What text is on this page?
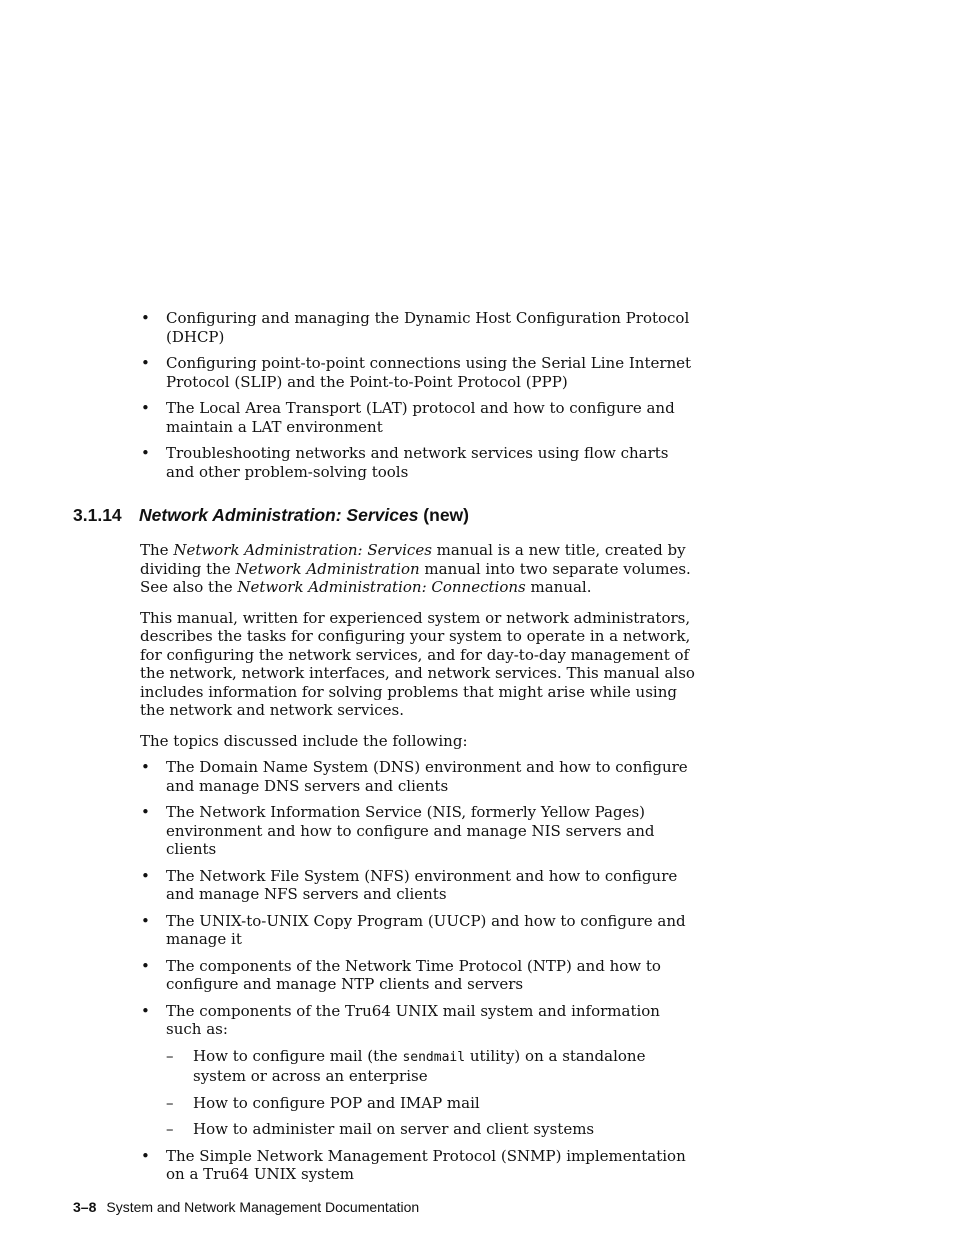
• Configuring and managing the Dynamic Host Configuration Protocol (DHCP)
• Configuring point-to-point connections using the Serial Line Internet Protocol (SLIP) and the Point-to-Point Protocol (PPP)
• The Local Area Transport (LAT) protocol and how to configure and maintain a LAT environment
• Troubleshooting networks and network services using flow charts and other problem-solving tools
3.1.14 Network Administration: Services (new)

The Network Administration: Services manual is a new title, created by dividing the Network Administration manual into two separate volumes. See also the Network Administration: Connections manual.

This manual, written for experienced system or network administrators, describes the tasks for configuring your system to operate in a network, for configuring the network services, and for day-to-day management of the network, network interfaces, and network services. This manual also includes information for solving problems that might arise while using the network and network services.

The topics discussed include the following:

• The Domain Name System (DNS) environment and how to configure and manage DNS servers and clients
• The Network Information Service (NIS, formerly Yellow Pages) environment and how to configure and manage NIS servers and clients
• The Network File System (NFS) environment and how to configure and manage NFS servers and clients
• The UNIX-to-UNIX Copy Program (UUCP) and how to configure and manage it
• The components of the Network Time Protocol (NTP) and how to configure and manage NTP clients and servers
• The components of the Tru64 UNIX mail system and information such as:
– How to configure mail (the sendmail utility) on a standalone system or across an enterprise
– How to configure POP and IMAP mail
– How to administer mail on server and client systems
• The Simple Network Management Protocol (SNMP) implementation on a Tru64 UNIX system
3–8 System and Network Management Documentation
